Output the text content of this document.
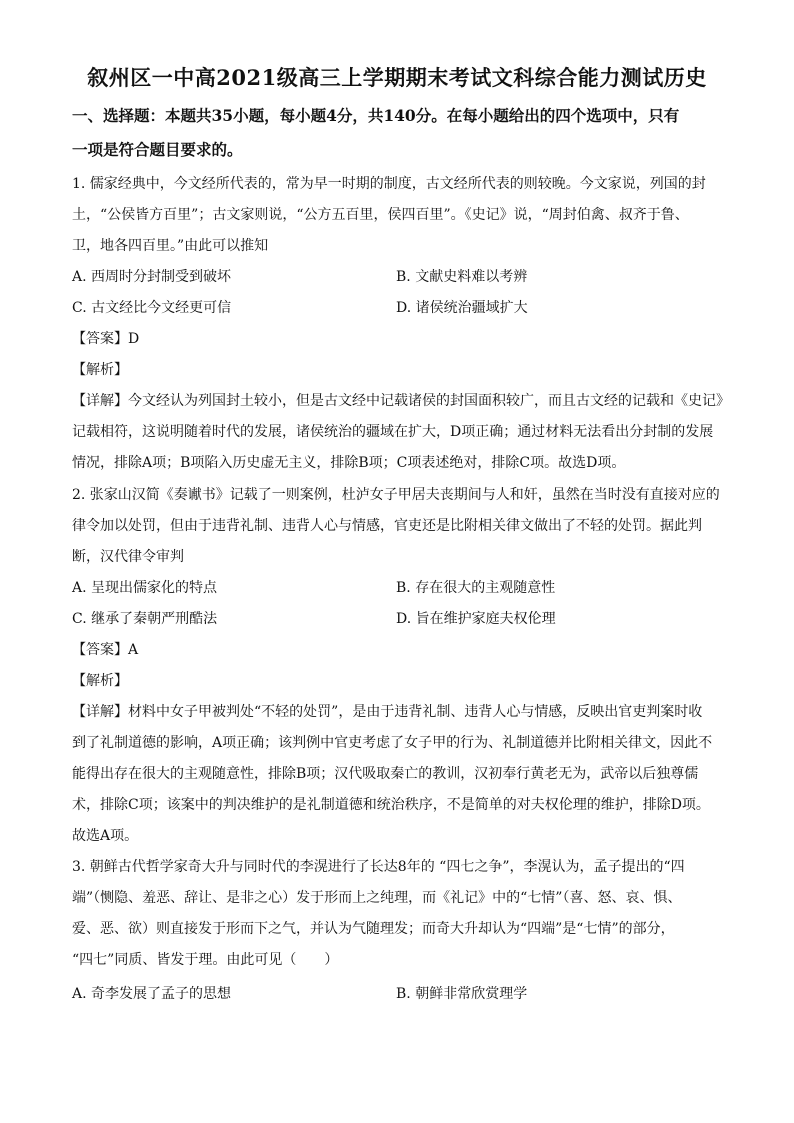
叙州区一中高2021级高三上学期期末考试文科综合能力测试历史
一、选择题：本题共35小题，每小题4分，共140分。在每小题给出的四个选项中，只有
一项是符合题目要求的。
1. 儒家经典中，今文经所代表的，常为早一时期的制度，古文经所代表的则较晚。今文家说，列国的封
土，“公侯皆方百里”；古文家则说，“公方五百里，侯四百里”。《史记》说，“周封伯禽、叔齐于鲁、
卫，地各四百里。”由此可以推知
A. 西周时分封制受到破坏	B. 文献史料难以考辨
C. 古文经比今文经更可信	D. 诸侯统治疆域扩大
【答案】D
【解析】
【详解】今文经认为列国封土较小，但是古文经中记载诸侯的封国面积较广，而且古文经的记载和《史记》
记载相符，这说明随着时代的发展，诸侯统治的疆域在扩大，D项正确；通过材料无法看出分封制的发展
情况，排除A项；B项陷入历史虚无主义，排除B项；C项表述绝对，排除C项。故选D项。
2. 张家山汉简《奏谳书》记载了一则案例，杜泸女子甲居夫丧期间与人和奸，虽然在当时没有直接对应的
律令加以处罚，但由于违背礼制、违背人心与情感，官吏还是比附相关律文做出了不轻的处罚。据此判
断，汉代律令审判
A. 呈现出儒家化的特点	B. 存在很大的主观随意性
C. 继承了秦朝严刑酷法	D. 旨在维护家庭夫权伦理
【答案】A
【解析】
【详解】材料中女子甲被判处“不轻的处罚”，是由于违背礼制、违背人心与情感，反映出官吏判案时收
到了礼制道德的影响，A项正确；该判例中官吏考虑了女子甲的行为、礼制道德并比附相关律文，因此不
能得出存在很大的主观随意性，排除B项；汉代吸取秦亡的教训，汉初奉行黄老无为，武帝以后独尊儒
术，排除C项；该案中的判决维护的是礼制道德和统治秩序，不是简单的对夫权伦理的维护，排除D项。
故选A项。
3. 朝鲜古代哲学家奇大升与同时代的李滉进行了长达8年的 “四七之争”，李滉认为，孟子提出的“四
端”（恻隐、羞恶、辞让、是非之心）发于形而上之纯理，而《礼记》中的“七情”（喜、怒、哀、惧、
爱、恶、欲）则直接发于形而下之气，并认为气随理发；而奇大升却认为“四端”是“七情”的部分，
“四七”同质、皆发于理。由此可见（　　）
A. 奇李发展了孟子的思想	B. 朝鲜非常欣赏理学
